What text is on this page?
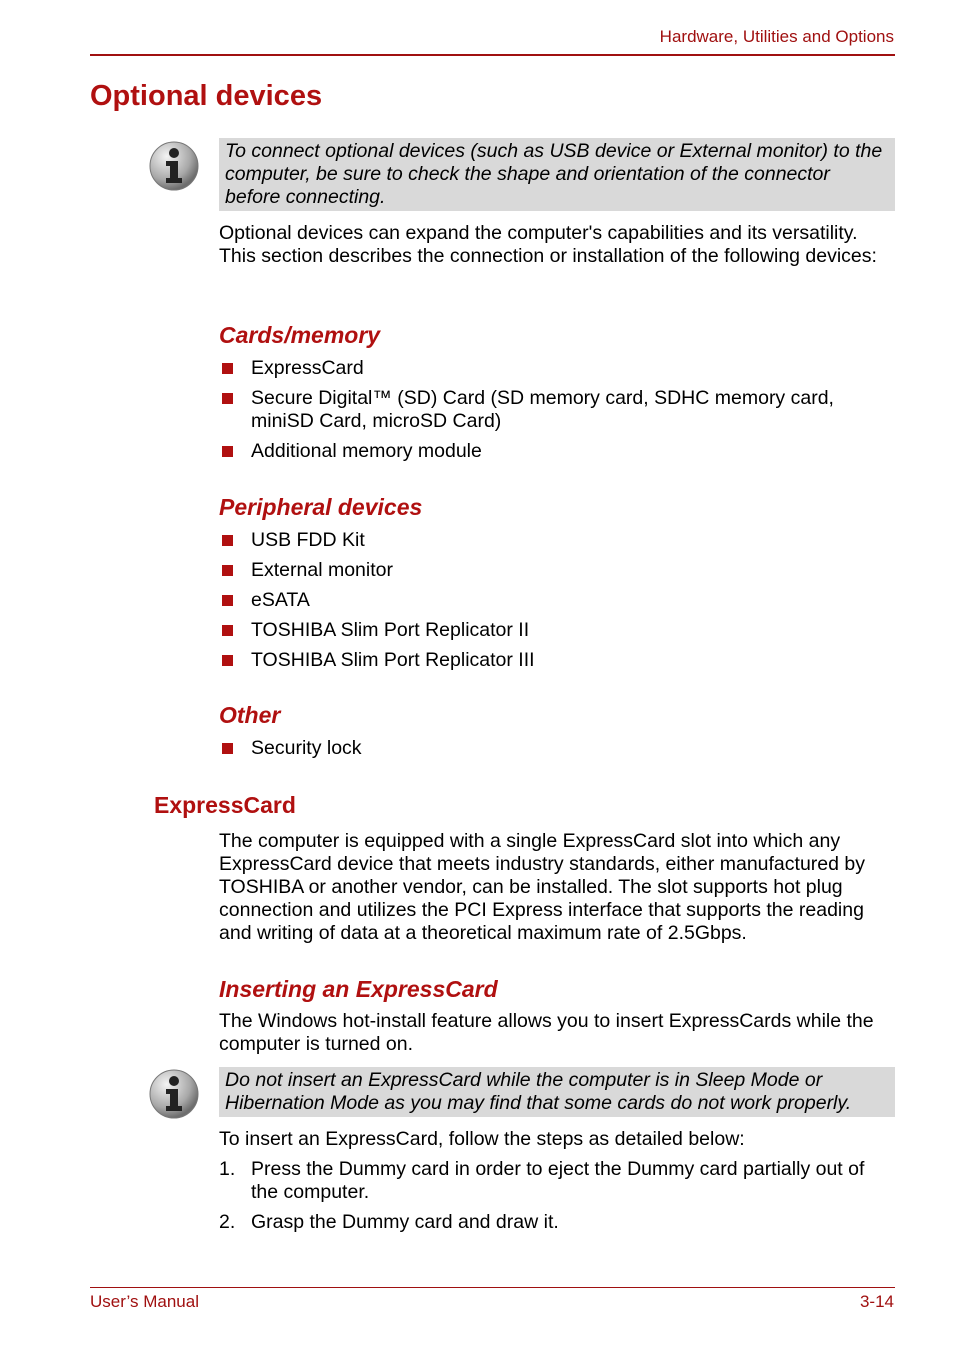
Hardware, Utilities and Options
Optional devices
To connect optional devices (such as USB device or External monitor) to the computer, be sure to check the shape and orientation of the connector before connecting.

Optional devices can expand the computer's capabilities and its versatility. This section describes the connection or installation of the following devices:

Cards/memory
ExpressCard
Secure Digital™ (SD) Card (SD memory card, SDHC memory card, miniSD Card, microSD Card)
Additional memory module
Peripheral devices
USB FDD Kit
External monitor
eSATA
TOSHIBA Slim Port Replicator II
TOSHIBA Slim Port Replicator III
Other
Security lock
ExpressCard

The computer is equipped with a single ExpressCard slot into which any ExpressCard device that meets industry standards, either manufactured by TOSHIBA or another vendor, can be installed. The slot supports hot plug connection and utilizes the PCI Express interface that supports the reading and writing of data at a theoretical maximum rate of 2.5Gbps.

Inserting an ExpressCard

The Windows hot-install feature allows you to insert ExpressCards while the computer is turned on.

Do not insert an ExpressCard while the computer is in Sleep Mode or Hibernation Mode as you may find that some cards do not work properly.

To insert an ExpressCard, follow the steps as detailed below:

1. Press the Dummy card in order to eject the Dummy card partially out of the computer.
2. Grasp the Dummy card and draw it.
User’s Manual	3-14
